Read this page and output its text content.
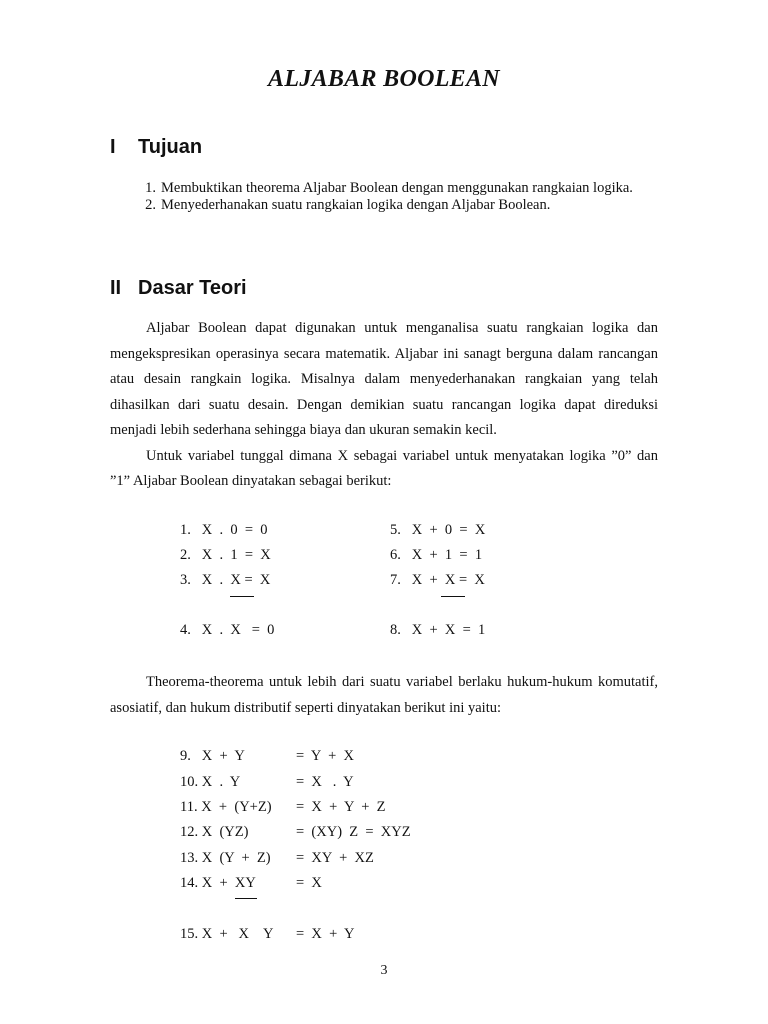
ALJABAR BOOLEAN
I Tujuan
1. Membuktikan theorema Aljabar Boolean dengan menggunakan rangkaian logika.
2. Menyederhanakan suatu rangkaian logika dengan Aljabar Boolean.
II Dasar Teori

Aljabar Boolean dapat digunakan untuk menganalisa suatu rangkaian logika dan mengekspresikan operasinya secara matematik. Aljabar ini sanagt berguna dalam rancangan atau desain rangkain logika. Misalnya dalam menyederhanakan rangkaian yang telah dihasilkan dari suatu desain. Dengan demikian suatu rancangan logika dapat direduksi menjadi lebih sederhana sehingga biaya dan ukuran semakin kecil.

Untuk variabel tunggal dimana X sebagai variabel untuk menyatakan logika ”0” dan ”1” Aljabar Boolean dinyatakan sebagai berikut:

1.   X  .  0  =  0
2.   X  .  1  =  X
3.   X  .  X =  X
4.   X  .  X   =  0
5.   X  +  0  =  X
6.   X  +  1  =  1
7.   X  +  X =  X
8.   X  +  X  =  1

Theorema-theorema untuk lebih dari suatu variabel berlaku hukum-hukum komutatif, asosiatif, dan hukum distributif seperti dinyatakan berikut ini yaitu:

9.   X  +  Y	=  Y  +  X
10. X  .  Y	=  X   .  Y
11. X  +  (Y+Z) =  X  +  Y  +  Z
12. X  (YZ)	=  (XY)  Z  =  XYZ
13. X  (Y  +  Z) =  XY  +  XZ
14. X  +  XY	=  X
15. X  +   X    Y =  X  +  Y
3
